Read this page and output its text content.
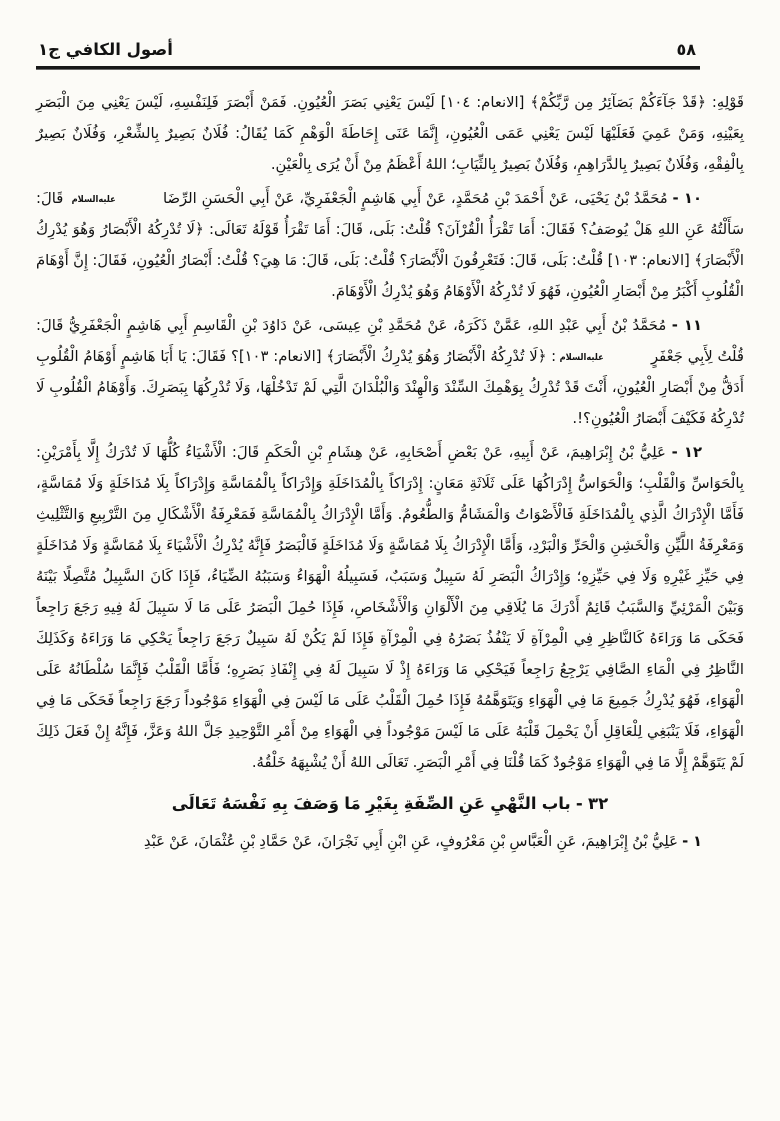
أصول الكافي ج١	٥٨

قَوْلِهِ: ﴿قَدْ جَآءَكُمْ بَصَآئِرُ مِن رَّبِّكُمْ﴾ [الانعام: ١٠٤] لَيْسَ يَعْنِي بَصَرَ الْعُيُونِ. فَمَنْ أَبْصَرَ فَلِنَفْسِهِ، لَيْسَ يَعْنِي مِنَ الْبَصَرِ بِعَيْنِهِ، وَمَنْ عَمِيَ فَعَلَيْهَا لَيْسَ يَعْنِي عَمَى الْعُيُونِ، إِنَّمَا عَنَى إِحَاطَةَ الْوَهْمِ كَمَا يُقَالُ: فُلَانٌ بَصِيرٌ بِالشِّعْرِ، وَفُلَانٌ بَصِيرٌ بِالْفِقْهِ، وَفُلَانٌ بَصِيرٌ بِالدَّرَاهِمِ، وَفُلَانٌ بَصِيرٌ بِالثِّيَابِ؛ اللهُ أَعْظَمُ مِنْ أَنْ يُرَى بِالْعَيْنِ.

١٠ - مُحَمَّدُ بْنُ يَحْيَى، عَنْ أَحْمَدَ بْنِ مُحَمَّدٍ، عَنْ أَبِي هَاشِمٍ الْجَعْفَرِيِّ، عَنْ أَبِي الْحَسَنِ الرِّضَا عليه‌السلام قَالَ: سَأَلْتُهُ عَنِ اللهِ هَلْ يُوصَفُ؟ فَقَالَ: أَمَا تَقْرَأُ الْقُرْآنَ؟ قُلْتُ: بَلَى، قَالَ: أَمَا تَقْرَأُ قَوْلَهُ تَعَالَى: ﴿لَا تُدْرِكُهُ الْأَبْصَارُ وَهُوَ يُدْرِكُ الْأَبْصَارَ﴾ [الانعام: ١٠٣] قُلْتُ: بَلَى، قَالَ: فَتَعْرِفُونَ الْأَبْصَارَ؟ قُلْتُ: بَلَى، قَالَ: مَا هِيَ؟ قُلْتُ: أَبْصَارُ الْعُيُونِ، فَقَالَ: إِنَّ أَوْهَامَ الْقُلُوبِ أَكْبَرُ مِنْ أَبْصَارِ الْعُيُونِ، فَهُوَ لَا تُدْرِكُهُ الْأَوْهَامُ وَهُوَ يُدْرِكُ الْأَوْهَامَ.

١١ - مُحَمَّدُ بْنُ أَبِي عَبْدِ اللهِ، عَمَّنْ ذَكَرَهُ، عَنْ مُحَمَّدِ بْنِ عِيسَى، عَنْ دَاوُدَ بْنِ الْقَاسِمِ أَبِي هَاشِمٍ الْجَعْفَرِيُّ قَالَ: قُلْتُ لِأَبِي جَعْفَرٍ عليه‌السلام: ﴿لَا تُدْرِكُهُ الْأَبْصَارُ وَهُوَ يُدْرِكُ الْأَبْصَارَ﴾ [الانعام: ١٠٣]؟ فَقَالَ: يَا أَبَا هَاشِمٍ أَوْهَامُ الْقُلُوبِ أَدَقُّ مِنْ أَبْصَارِ الْعُيُونِ، أَنْتَ قَدْ تُدْرِكُ بِوَهْمِكَ السِّنْدَ وَالْهِنْدَ وَالْبُلْدَانَ الَّتِي لَمْ تَدْخُلْهَا، وَلَا تُدْرِكُهَا بِبَصَرِكَ. وَأَوْهَامُ الْقُلُوبِ لَا تُدْرِكُهُ فَكَيْفَ أَبْصَارُ الْعُيُونِ؟!.

١٢ - عَلِيُّ بْنُ إِبْرَاهِيمَ، عَنْ أَبِيهِ، عَنْ بَعْضِ أَصْحَابِهِ، عَنْ هِشَامِ بْنِ الْحَكَمِ قَالَ: الْأَشْيَاءُ كُلُّهَا لَا تُدْرَكُ إِلَّا بِأَمْرَيْنِ: بِالْحَوَاسِّ وَالْقَلْبِ؛ وَالْحَوَاسُّ إِدْرَاكُهَا عَلَى ثَلَاثَةِ مَعَانٍ: إِدْرَاكاً بِالْمُدَاخَلَةِ وَإِدْرَاكاً بِالْمُمَاسَّةِ وَإِدْرَاكاً بِلَا مُدَاخَلَةٍ وَلَا مُمَاسَّةٍ، فَأَمَّا الْإِدْرَاكُ الَّذِي بِالْمُدَاخَلَةِ فَالْأَصْوَاتُ وَالْمَشَامُّ وَالطُّعُومُ. وَأَمَّا الْإِدْرَاكُ بِالْمُمَاسَّةِ فَمَعْرِفَةُ الْأَشْكَالِ مِنَ التَّرْبِيعِ وَالتَّثْلِيثِ وَمَعْرِفَةُ اللَّيِّنِ وَالْخَشِنِ وَالْحَرِّ وَالْبَرْدِ، وَأَمَّا الْإِدْرَاكُ بِلَا مُمَاسَّةٍ وَلَا مُدَاخَلَةٍ فَالْبَصَرُ فَإِنَّهُ يُدْرِكُ الْأَشْيَاءَ بِلَا مُمَاسَّةٍ وَلَا مُدَاخَلَةٍ فِي حَيِّزِ غَيْرِهِ وَلَا فِي حَيِّزِهِ؛ وَإِدْرَاكُ الْبَصَرِ لَهُ سَبِيلٌ وَسَبَبٌ، فَسَبِيلُهُ الْهَوَاءُ وَسَبَبُهُ الضِّيَاءُ، فَإِذَا كَانَ السَّبِيلُ مُتَّصِلًا بَيْنَهُ وَبَيْنَ الْمَرْئِيِّ وَالسَّبَبُ قَائِمٌ أَدْرَكَ مَا يُلَاقِي مِنَ الْأَلْوَانِ وَالْأَشْخَاصِ، فَإِذَا حُمِلَ الْبَصَرُ عَلَى مَا لَا سَبِيلَ لَهُ فِيهِ رَجَعَ رَاجِعاً فَحَكَى مَا وَرَاءَهُ كَالنَّاظِرِ فِي الْمِرْآةِ لَا يَنْفُذُ بَصَرُهُ فِي الْمِرْآةِ فَإِذَا لَمْ يَكُنْ لَهُ سَبِيلٌ رَجَعَ رَاجِعاً يَحْكِي مَا وَرَاءَهُ وَكَذَلِكَ النَّاظِرُ فِي الْمَاءِ الصَّافِي يَرْجِعُ رَاجِعاً فَيَحْكِي مَا وَرَاءَهُ إِذْ لَا سَبِيلَ لَهُ فِي إِنْفَاذِ بَصَرِهِ؛ فَأَمَّا الْقَلْبُ فَإِنَّمَا سُلْطَانُهُ عَلَى الْهَوَاءِ، فَهُوَ يُدْرِكُ جَمِيعَ مَا فِي الْهَوَاءِ وَيَتَوَهَّمُهُ فَإِذَا حُمِلَ الْقَلْبُ عَلَى مَا لَيْسَ فِي الْهَوَاءِ مَوْجُوداً رَجَعَ رَاجِعاً فَحَكَى مَا فِي الْهَوَاءِ، فَلَا يَنْبَغِي لِلْعَاقِلِ أَنْ يَحْمِلَ قَلْبَهُ عَلَى مَا لَيْسَ مَوْجُوداً فِي الْهَوَاءِ مِنْ أَمْرِ التَّوْحِيدِ جَلَّ اللهُ وَعَزَّ، فَإِنَّهُ إِنْ فَعَلَ ذَلِكَ لَمْ يَتَوَهَّمْ إِلَّا مَا فِي الْهَوَاءِ مَوْجُودٌ كَمَا قُلْنَا فِي أَمْرِ الْبَصَرِ. تَعَالَى اللهُ أَنْ يُشْبِهَهُ خَلْقُهُ.

٣٢ - باب النَّهْيِ عَنِ الصِّفَةِ بِغَيْرِ مَا وَصَفَ بِهِ نَفْسَهُ تَعَالَى

١ - عَلِيُّ بْنُ إِبْرَاهِيمَ، عَنِ الْعَبَّاسِ بْنِ مَعْرُوفٍ، عَنِ ابْنِ أَبِي نَجْرَانَ، عَنْ حَمَّادِ بْنِ عُثْمَانَ، عَنْ عَبْدِ
